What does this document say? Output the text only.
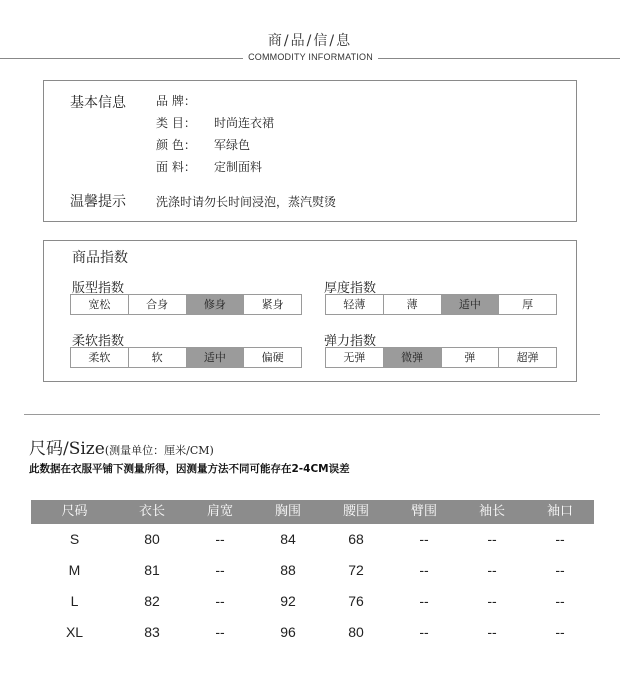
商/品/信/息
COMMODITY INFORMATION
基本信息	品 牌：
类 目： 时尚连衣裙
颜 色： 军绿色
面 料： 定制面料
温馨提示	洗涤时请勿长时间浸泡，蒸汽熨烫
商品指数
版型指数
宽松	合身	修身	紧身
厚度指数
轻薄	薄	适中	厚
柔软指数
柔软	软	适中	偏硬
弹力指数
无弹	微弹	弹	超弹
尺码/Size(测量单位：厘米/CM)
此数据在衣服平铺下测量所得，因测量方法不同可能存在2-4CM误差
尺码	衣长	肩宽	胸围	腰围	臂围	袖长	袖口
S	80	--	84	68	--	--	--
M	81	--	88	72	--	--	--
L	82	--	92	76	--	--	--
XL	83	--	96	80	--	--	--
